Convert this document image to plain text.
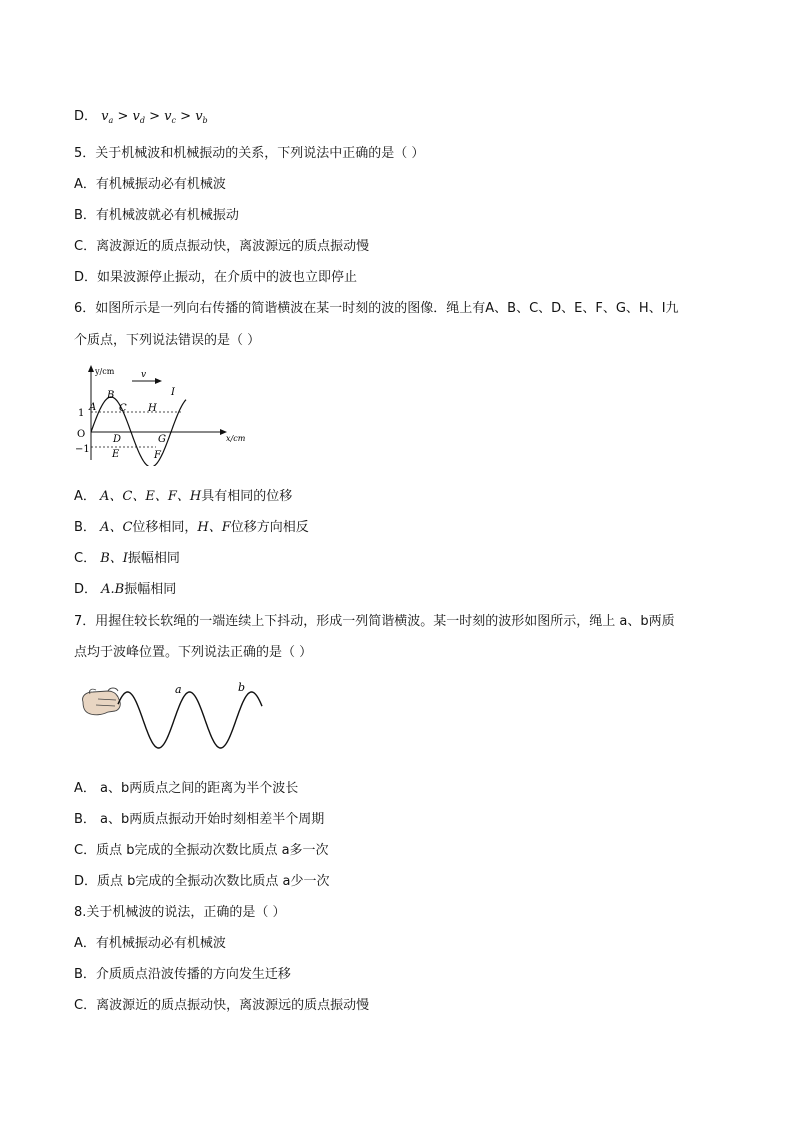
D． $v_a > v_d > v_c > v_b$
5．关于机械波和机械振动的关系，下列说法中正确的是（ ）
A．有机械振动必有机械波
B．有机械波就必有机械振动
C．离波源近的质点振动快，离波源远的质点振动慢
D．如果波源停止振动，在介质中的波也立即停止
6．如图所示是一列向右传播的简谐横波在某一时刻的波的图像．绳上有A、B、C、D、E、F、G、H、I九
个质点，下列说法错误的是（ ）
y/cm
x/cm
v
1
O
−1
A
B
C
D
E	F
G
H
I
A． A、C、E、F、H具有相同的位移
B． A、C位移相同，H、F位移方向相反
C． B、I振幅相同
D． A.B振幅相同
7．用握住较长软绳的一端连续上下抖动，形成一列简谐横波。某一时刻的波形如图所示，绳上 a、b两质
点均于波峰位置。下列说法正确的是（ ）
a	b
A． a、b两质点之间的距离为半个波长
B． a、b两质点振动开始时刻相差半个周期
C．质点 b完成的全振动次数比质点 a多一次
D．质点 b完成的全振动次数比质点 a少一次
8.关于机械波的说法，正确的是（ ）
A．有机械振动必有机械波
B．介质质点沿波传播的方向发生迁移
C．离波源近的质点振动快，离波源远的质点振动慢
